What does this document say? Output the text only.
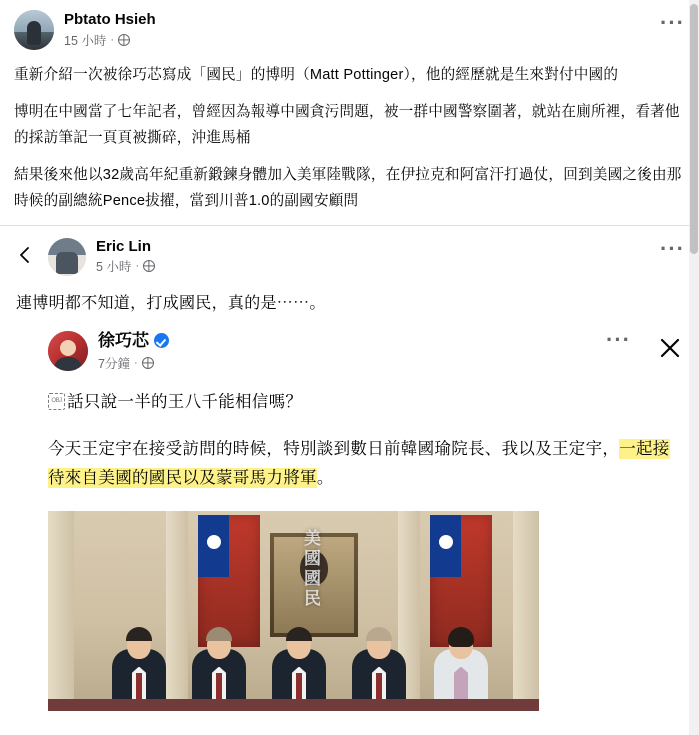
Pbtato Hsieh
15 小時 ·
···

重新介紹一次被徐巧芯寫成「國民」的博明（Matt Pottinger），他的經歷就是生來對付中國的

博明在中國當了七年記者，曾經因為報導中國貪污問題，被一群中國警察圍著，就站在廁所裡，看著他的採訪筆記一頁頁被撕碎，沖進馬桶

結果後來他以32歲高年紀重新鍛鍊身體加入美軍陸戰隊，在伊拉克和阿富汗打過仗，回到美國之後由那時候的副總統Pence拔擢，當到川普1.0的副國安顧問

Eric Lin
5 小時 ·
···
連博明都不知道，打成國民，真的是⋯⋯。
徐巧芯
7分鐘 ·
···

OBJ 話只說一半的王八千能相信嗎？

今天王定宇在接受訪問的時候，特別談到數日前韓國瑜院長、我以及王定宇，一起接待來自美國的國民以及蒙哥馬力將軍。

美國國民
